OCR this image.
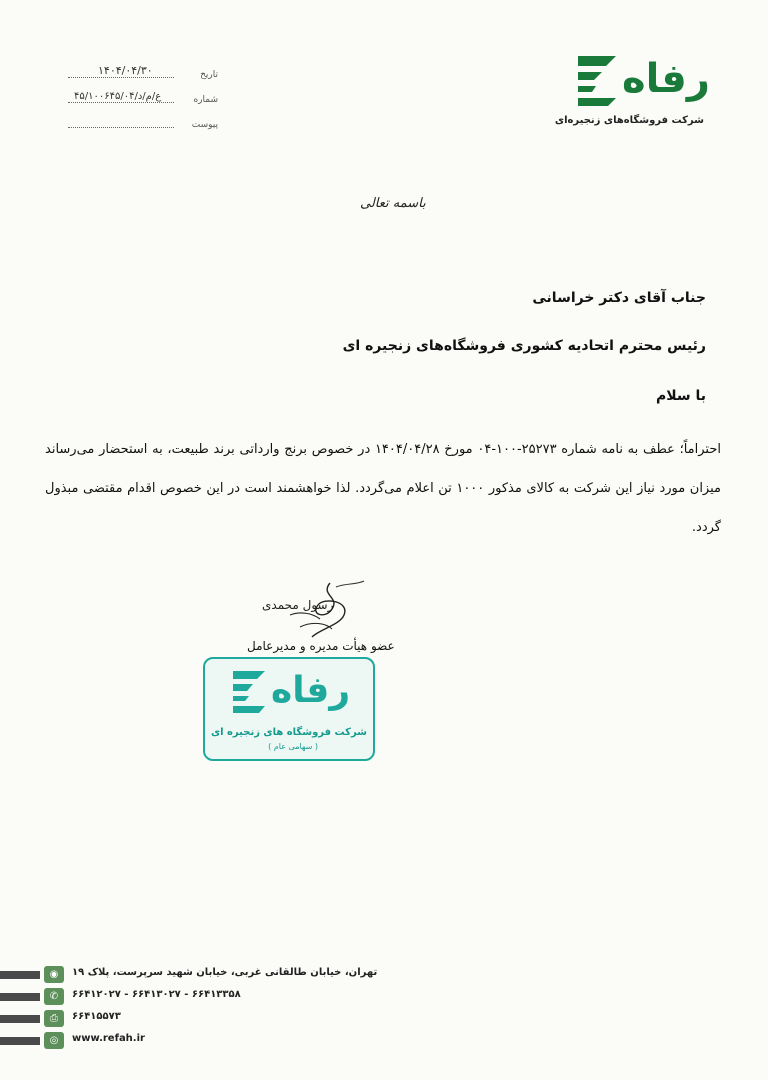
۱۴۰۴/۰۴/۳۰	تاریخ
۴۵/۱۰۰۶۴۵/۰۴/ع/م/د	شماره
پیوست
رفاه
شرکت فروشگاه‌های زنجیره‌ای
باسمه تعالی
جناب آقای دکتر خراسانی
رئیس محترم اتحادیه کشوری فروشگاه‌های زنجیره ای
با سلام
احتراماً؛ عطف به نامه شماره ۲۵۲۷۳-۱۰۰-۰۴ مورخ ۱۴۰۴/۰۴/۲۸ در خصوص برنج وارداتی برند طبیعت، به استحضار می‌رساند میزان مورد نیاز این شرکت به کالای مذکور ۱۰۰۰ تن اعلام می‌گردد. لذا خواهشمند است در این خصوص اقدام مقتضی مبذول گردد.
رسول محمدی
عضو هیأت مدیره و مدیرعامل
رفاه
شرکت فروشگاه های زنجیره ای
( سهامی عام )
◉	تهران، خیابان طالقانی غربی، خیابان شهید سرپرست، پلاک ۱۹
✆	۶۶۴۱۲۰۲۷ - ۶۶۴۱۳۰۲۷ - ۶۶۴۱۳۳۵۸
⎙	۶۶۴۱۵۵۷۳
◎	www.refah.ir
